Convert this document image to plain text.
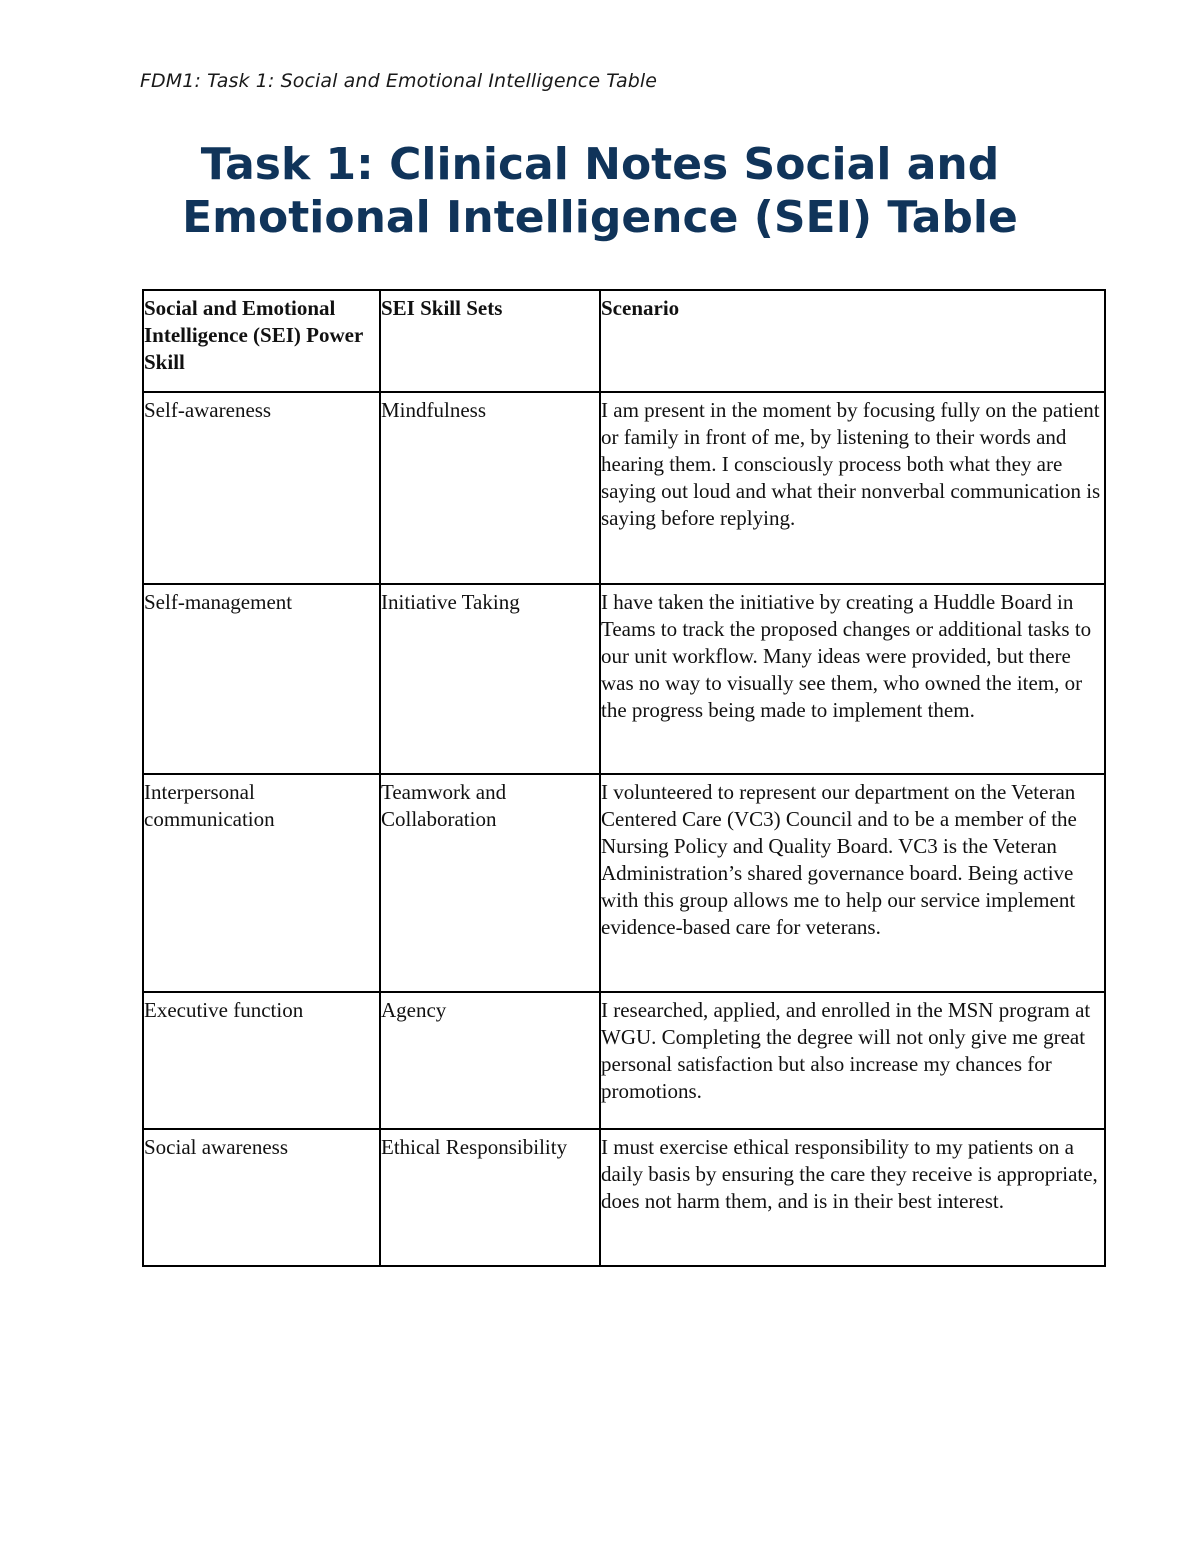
FDM1: Task 1: Social and Emotional Intelligence Table
Task 1: Clinical Notes Social and
Emotional Intelligence (SEI) Table
Social and Emotional Intelligence (SEI) Power Skill	SEI Skill Sets	Scenario
Self-awareness	Mindfulness	I am present in the moment by focusing fully on the patient or family in front of me, by listening to their words and hearing them. I consciously process both what they are saying out loud and what their nonverbal communication is saying before replying.
Self-management	Initiative Taking	I have taken the initiative by creating a Huddle Board in Teams to track the proposed changes or additional tasks to our unit workflow. Many ideas were provided, but there was no way to visually see them, who owned the item, or the progress being made to implement them.
Interpersonal communication	Teamwork and Collaboration	I volunteered to represent our department on the Veteran Centered Care (VC3) Council and to be a member of the Nursing Policy and Quality Board. VC3 is the Veteran Administration’s shared governance board. Being active with this group allows me to help our service implement evidence-based care for veterans.
Executive function	Agency	I researched, applied, and enrolled in the MSN program at WGU. Completing the degree will not only give me great personal satisfaction but also increase my chances for promotions.
Social awareness	Ethical Responsibility	I must exercise ethical responsibility to my patients on a daily basis by ensuring the care they receive is appropriate, does not harm them, and is in their best interest.
